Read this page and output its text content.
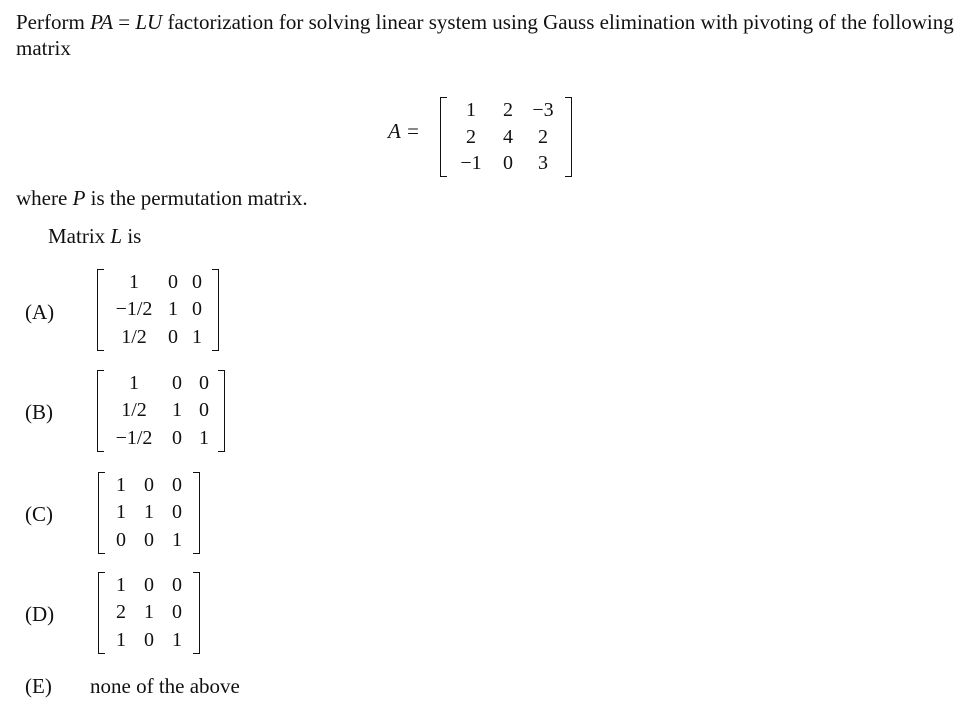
Perform PA = LU factorization for solving linear system using Gauss elimination with pivoting of the following matrix
A =
1	2 −3
2	4	2
−1	0	3
where P is the permutation matrix.
Matrix L is
(A)
1	0 0
−1/2 1 0
1/2	0 1
(B)
1	0 0
1/2	1 0
−1/2 0 1
(C)
1 0 0
1 1 0
0 0 1
(D)
1 0 0
2 1 0
1 0 1
(E) none of the above
